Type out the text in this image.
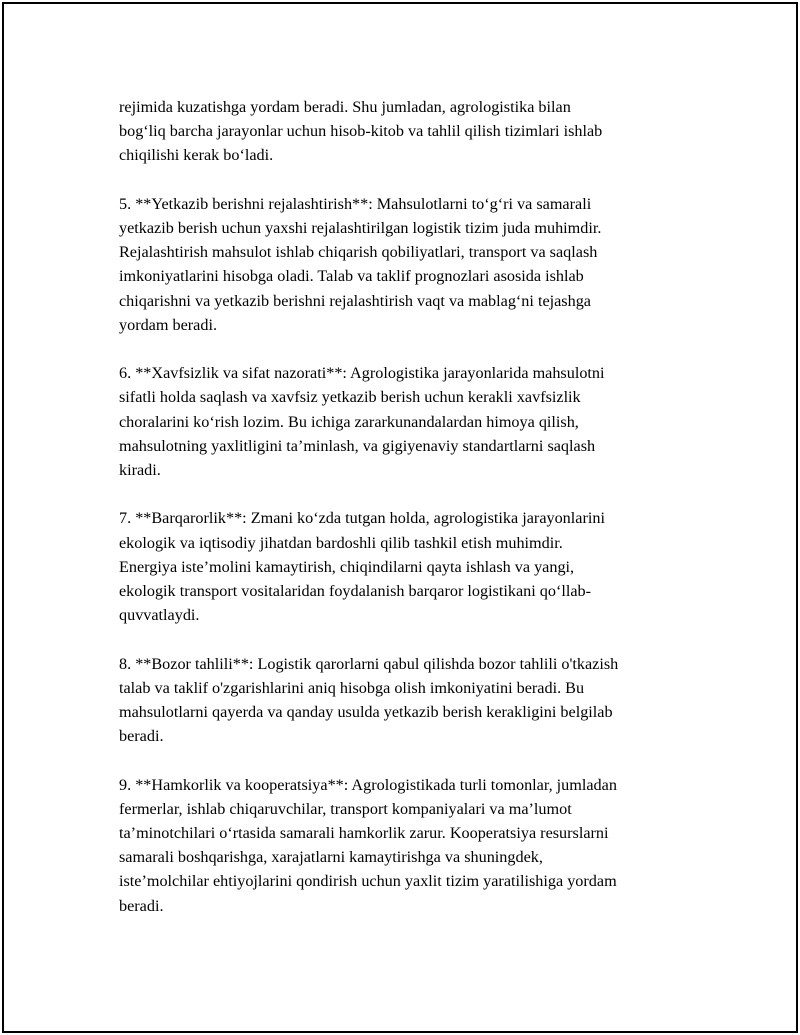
rejimida kuzatishga yordam beradi. Shu jumladan, agrologistika bilan
bog‘liq barcha jarayonlar uchun hisob-kitob va tahlil qilish tizimlari ishlab
chiqilishi kerak bo‘ladi.

5. **Yetkazib berishni rejalashtirish**: Mahsulotlarni to‘g‘ri va samarali
yetkazib berish uchun yaxshi rejalashtirilgan logistik tizim juda muhimdir.
Rejalashtirish mahsulot ishlab chiqarish qobiliyatlari, transport va saqlash
imkoniyatlarini hisobga oladi. Talab va taklif prognozlari asosida ishlab
chiqarishni va yetkazib berishni rejalashtirish vaqt va mablag‘ni tejashga
yordam beradi.

6. **Xavfsizlik va sifat nazorati**: Agrologistika jarayonlarida mahsulotni
sifatli holda saqlash va xavfsiz yetkazib berish uchun kerakli xavfsizlik
choralarini ko‘rish lozim. Bu ichiga zararkunandalardan himoya qilish,
mahsulotning yaxlitligini ta’minlash, va gigiyenaviy standartlarni saqlash
kiradi.

7. **Barqarorlik**: Zmani ko‘zda tutgan holda, agrologistika jarayonlarini
ekologik va iqtisodiy jihatdan bardoshli qilib tashkil etish muhimdir.
Energiya iste’molini kamaytirish, chiqindilarni qayta ishlash va yangi,
ekologik transport vositalaridan foydalanish barqaror logistikani qo‘llab-
quvvatlaydi.

8. **Bozor tahlili**: Logistik qarorlarni qabul qilishda bozor tahlili o'tkazish
talab va taklif o'zgarishlarini aniq hisobga olish imkoniyatini beradi. Bu
mahsulotlarni qayerda va qanday usulda yetkazib berish kerakligini belgilab
beradi.

9. **Hamkorlik va kooperatsiya**: Agrologistikada turli tomonlar, jumladan
fermerlar, ishlab chiqaruvchilar, transport kompaniyalari va ma’lumot
ta’minotchilari o‘rtasida samarali hamkorlik zarur. Kooperatsiya resurslarni
samarali boshqarishga, xarajatlarni kamaytirishga va shuningdek,
iste’molchilar ehtiyojlarini qondirish uchun yaxlit tizim yaratilishiga yordam
beradi.
